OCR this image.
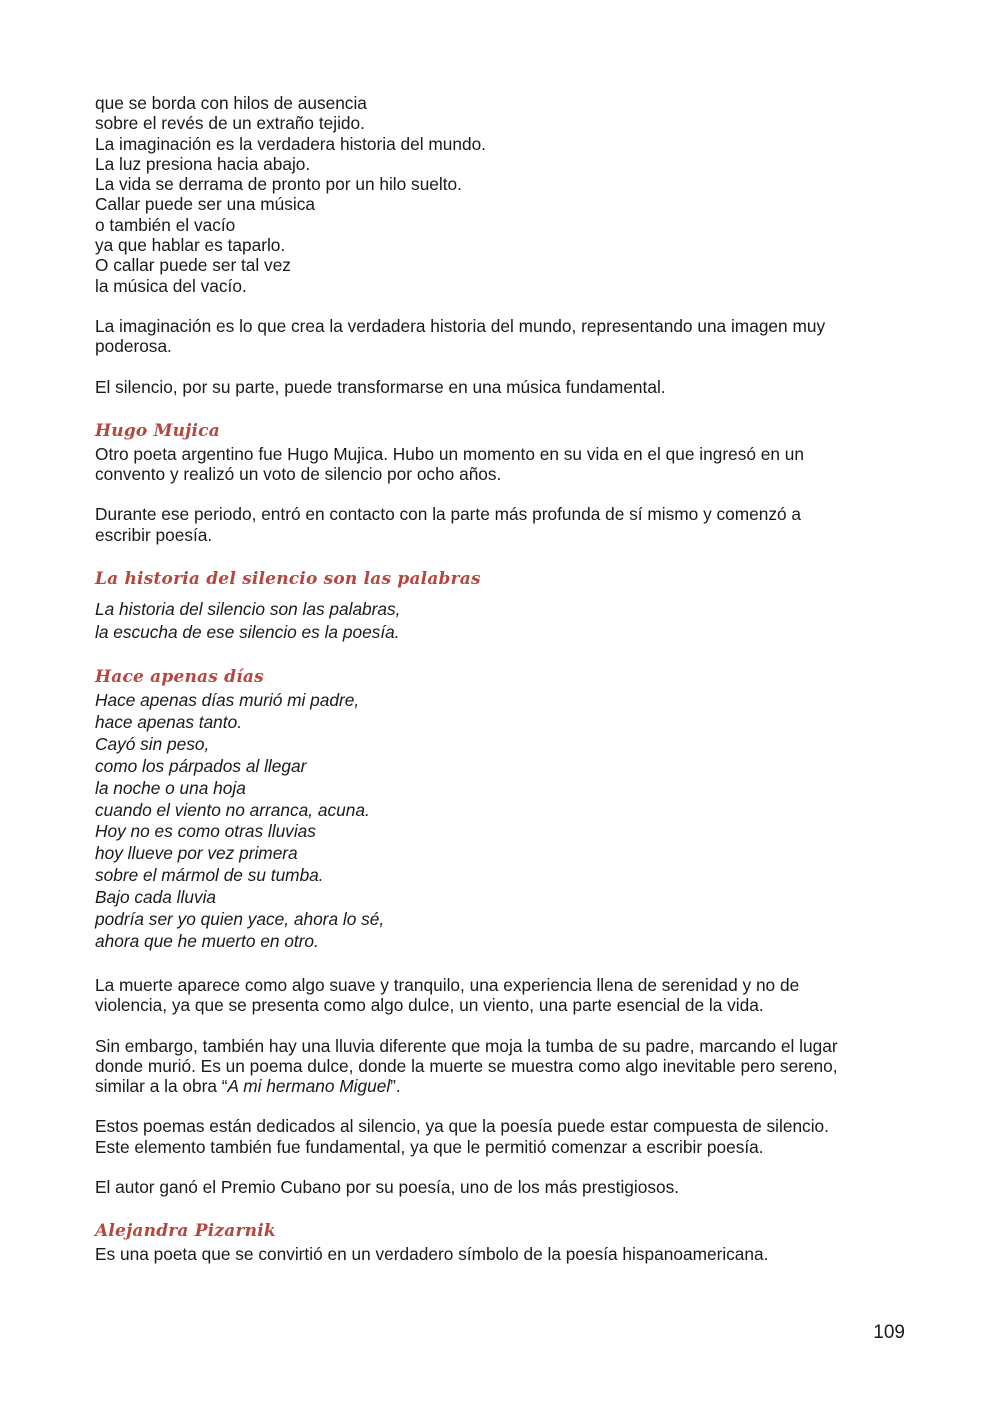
que se borda con hilos de ausencia
sobre el revés de un extraño tejido.
La imaginación es la verdadera historia del mundo.
La luz presiona hacia abajo.
La vida se derrama de pronto por un hilo suelto.
Callar puede ser una música
o también el vacío
ya que hablar es taparlo.
O callar puede ser tal vez
la música del vacío.
La imaginación es lo que crea la verdadera historia del mundo, representando una imagen muy
poderosa.
El silencio, por su parte, puede transformarse en una música fundamental.
Hugo Mujica
Otro poeta argentino fue Hugo Mujica. Hubo un momento en su vida en el que ingresó en un
convento y realizó un voto de silencio por ocho años.
Durante ese periodo, entró en contacto con la parte más profunda de sí mismo y comenzó a
escribir poesía.
La historia del silencio son las palabras
La historia del silencio son las palabras,
la escucha de ese silencio es la poesía.
Hace apenas días
Hace apenas días murió mi padre,
hace apenas tanto.
Cayó sin peso,
como los párpados al llegar
la noche o una hoja
cuando el viento no arranca, acuna.
Hoy no es como otras lluvias
hoy llueve por vez primera
sobre el mármol de su tumba.
Bajo cada lluvia
podría ser yo quien yace, ahora lo sé,
ahora que he muerto en otro.
La muerte aparece como algo suave y tranquilo, una experiencia llena de serenidad y no de
violencia, ya que se presenta como algo dulce, un viento, una parte esencial de la vida.
Sin embargo, también hay una lluvia diferente que moja la tumba de su padre, marcando el lugar
donde murió. Es un poema dulce, donde la muerte se muestra como algo inevitable pero sereno,
similar a la obra “A mi hermano Miguel”.
Estos poemas están dedicados al silencio, ya que la poesía puede estar compuesta de silencio.
Este elemento también fue fundamental, ya que le permitió comenzar a escribir poesía.
El autor ganó el Premio Cubano por su poesía, uno de los más prestigiosos.
Alejandra Pizarnik
Es una poeta que se convirtió en un verdadero símbolo de la poesía hispanoamericana.
109
